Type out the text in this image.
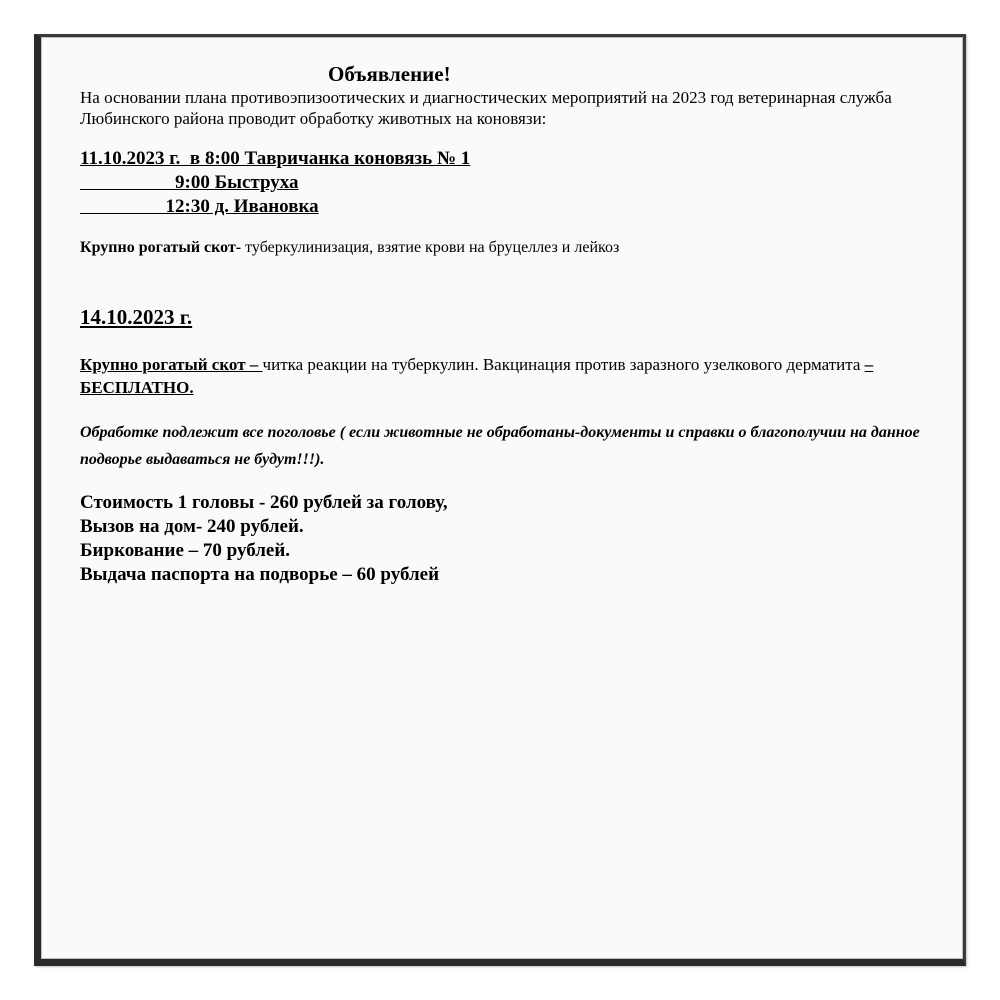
Объявление!

На основании плана противоэпизоотических и диагностических мероприятий на 2023 год ветеринарная служба Любинского района проводит обработку животных на коновязи:

11.10.2023 г.  в 8:00 Тавричанка коновязь № 1
9:00 Быструха
12:30 д. Ивановка

Крупно рогатый скот- туберкулинизация, взятие крови на бруцеллез и лейкоз

14.10.2023 г.

Крупно рогатый скот – читка реакции на туберкулин. Вакцинация против заразного узелкового дерматита – БЕСПЛАТНО.

Обработке подлежит все поголовье ( если животные не обработаны-документы и справки о благополучии на данное подворье выдаваться не будут!!!).

Стоимость 1 головы - 260 рублей за голову,
Вызов на дом- 240 рублей.
Биркование – 70 рублей.
Выдача паспорта на подворье – 60 рублей
